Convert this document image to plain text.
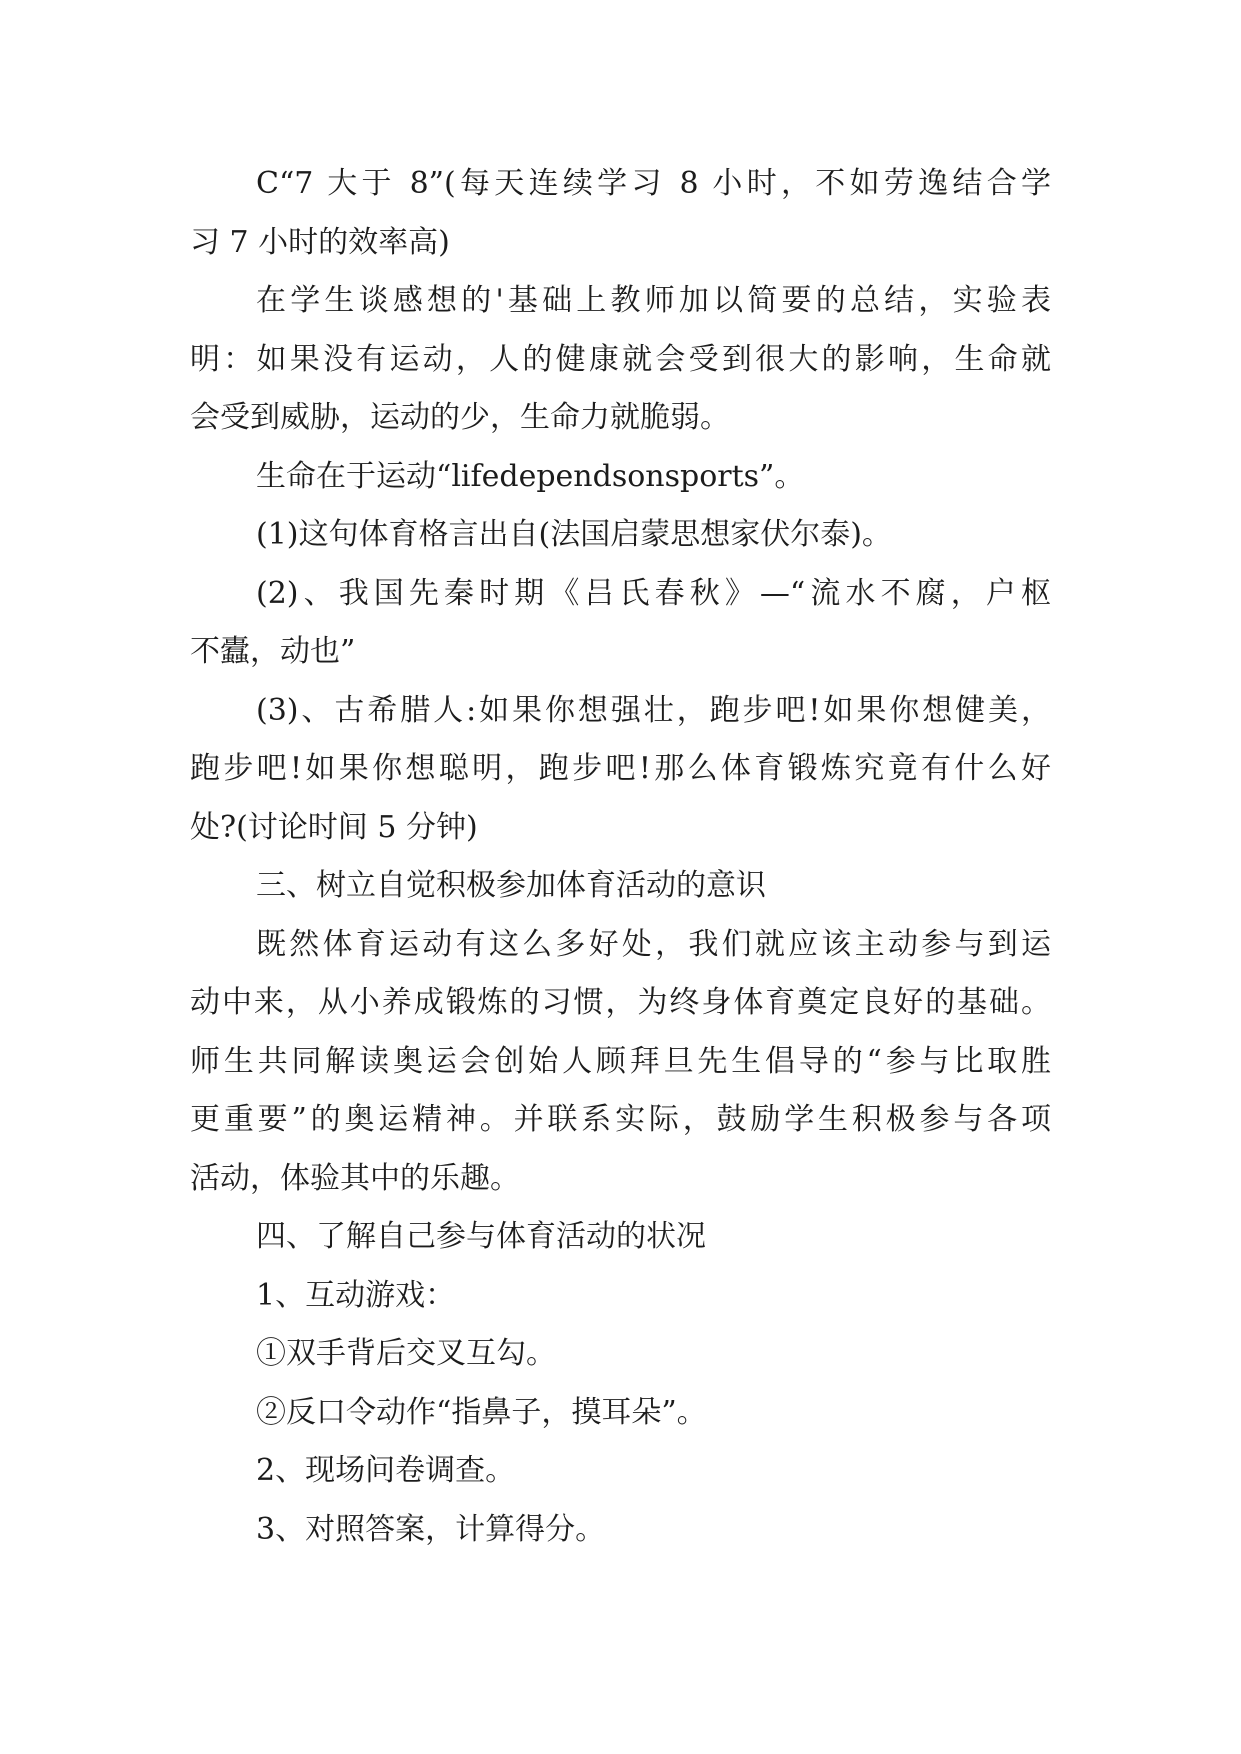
C“7 大于 8”(每天连续学习 8 小时，不如劳逸结合学
习 7 小时的效率高)
在学生谈感想的'基础上教师加以简要的总结，实验表
明：如果没有运动，人的健康就会受到很大的影响，生命就
会受到威胁，运动的少，生命力就脆弱。
生命在于运动“lifedependsonsports”。
(1)这句体育格言出自(法国启蒙思想家伏尔泰)。
(2)、我国先秦时期《吕氏春秋》—“流水不腐，户枢
不蠹，动也”
(3)、古希腊人:如果你想强壮，跑步吧!如果你想健美，
跑步吧!如果你想聪明，跑步吧!那么体育锻炼究竟有什么好
处?(讨论时间 5 分钟)
三、树立自觉积极参加体育活动的意识
既然体育运动有这么多好处，我们就应该主动参与到运
动中来，从小养成锻炼的习惯，为终身体育奠定良好的基础。
师生共同解读奥运会创始人顾拜旦先生倡导的“参与比取胜
更重要”的奥运精神。并联系实际，鼓励学生积极参与各项
活动，体验其中的乐趣。
四、了解自己参与体育活动的状况
1、互动游戏：
①双手背后交叉互勾。
②反口令动作“指鼻子，摸耳朵”。
2、现场问卷调查。
3、对照答案，计算得分。
